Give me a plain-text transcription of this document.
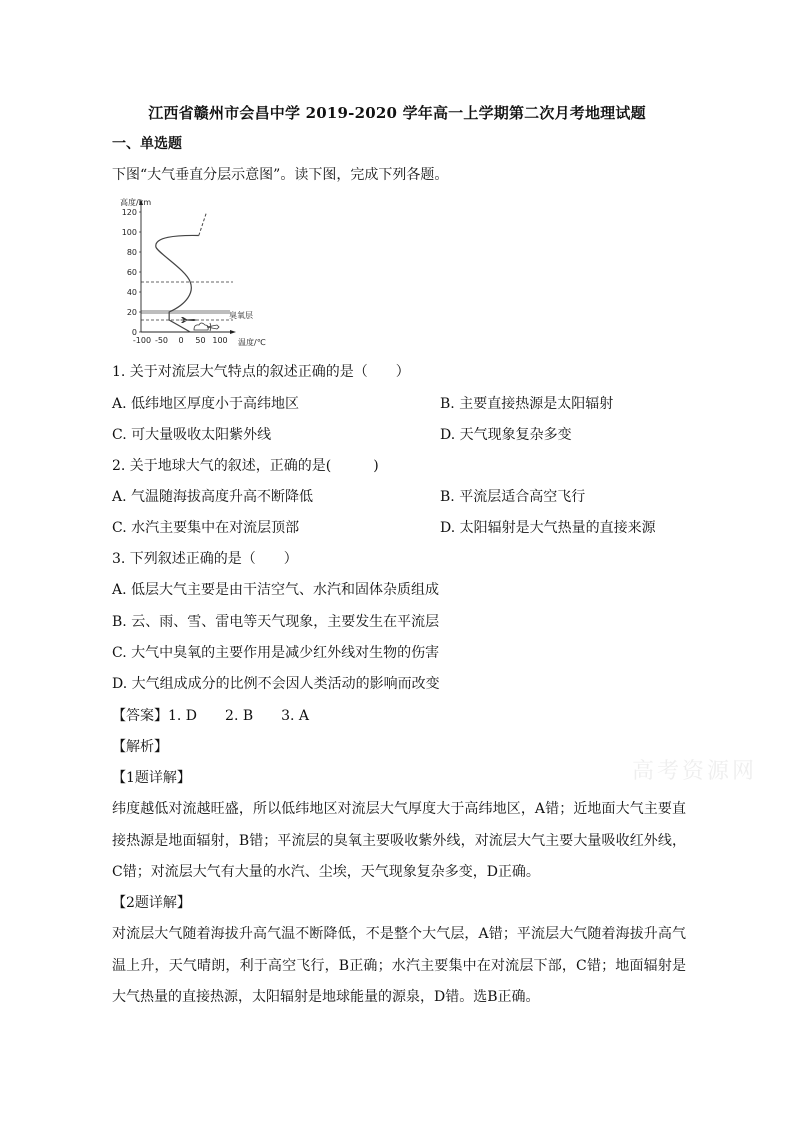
江西省赣州市会昌中学 2019-2020 学年高一上学期第二次月考地理试题
一、单选题
下图“大气垂直分层示意图”。读下图，完成下列各题。
120
100
80
60
40
20
0
-100 -50 0 50 100
高度/km
臭氧层
温度/℃
1. 关于对流层大气特点的叙述正确的是（　　）
A. 低纬地区厚度小于高纬地区	B. 主要直接热源是太阳辐射
C. 可大量吸收太阳紫外线	D. 天气现象复杂多变
2. 关于地球大气的叙述，正确的是(　　　)
A. 气温随海拔高度升高不断降低	B. 平流层适合高空飞行
C. 水汽主要集中在对流层顶部	D. 太阳辐射是大气热量的直接来源
3. 下列叙述正确的是（　　）
A. 低层大气主要是由干洁空气、水汽和固体杂质组成
B. 云、雨、雪、雷电等天气现象，主要发生在平流层
C. 大气中臭氧的主要作用是减少红外线对生物的伤害
D. 大气组成成分的比例不会因人类活动的影响而改变
【答案】1. D　　2. B　　3. A
【解析】
【1题详解】
纬度越低对流越旺盛，所以低纬地区对流层大气厚度大于高纬地区，A错；近地面大气主要直接热源是地面辐射，B错；平流层的臭氧主要吸收紫外线，对流层大气主要大量吸收红外线，C错；对流层大气有大量的水汽、尘埃，天气现象复杂多变，D正确。
【2题详解】
对流层大气随着海拔升高气温不断降低，不是整个大气层，A错；平流层大气随着海拔升高气温上升，天气晴朗，利于高空飞行，B正确；水汽主要集中在对流层下部，C错；地面辐射是大气热量的直接热源，太阳辐射是地球能量的源泉，D错。选B正确。
高考资源网
